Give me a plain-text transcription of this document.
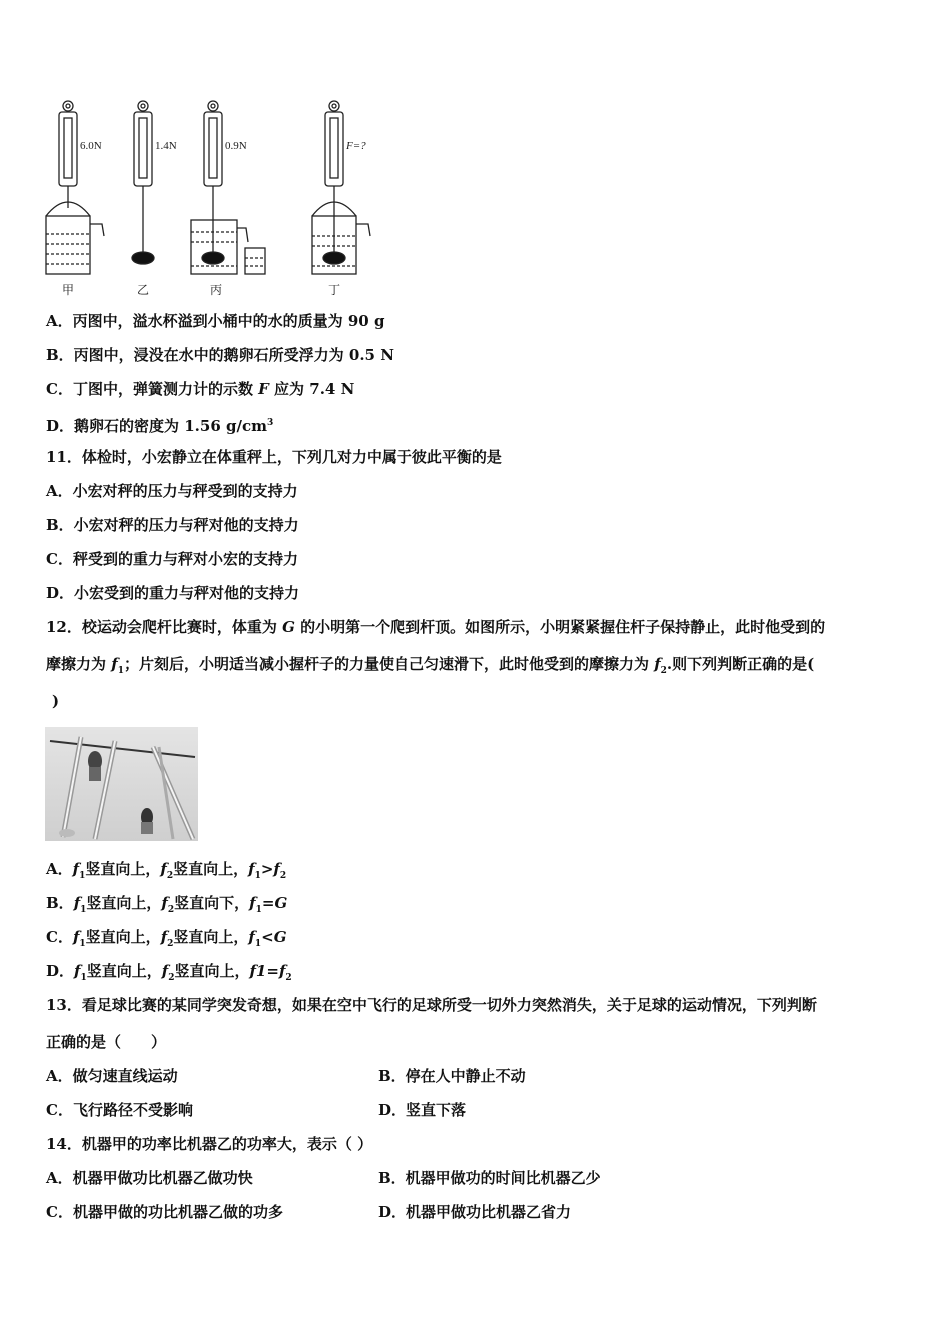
6.0N	1.4N	0.9N	F=?
甲	乙	丙	丁
A．丙图中，溢水杯溢到小桶中的水的质量为 90 g
B．丙图中，浸没在水中的鹅卵石所受浮力为 0.5 N
C．丁图中，弹簧测力计的示数 F 应为 7.4 N
D．鹅卵石的密度为 1.56 $g/cm^3$
11．体检时，小宏静立在体重秤上，下列几对力中属于彼此平衡的是
A．小宏对秤的压力与秤受到的支持力
B．小宏对秤的压力与秤对他的支持力
C．秤受到的重力与秤对小宏的支持力
D．小宏受到的重力与秤对他的支持力
12．校运动会爬杆比赛时，体重为 G 的小明第一个爬到杆顶。如图所示，小明紧紧握住杆子保持静止，此时他受到的
摩擦力为 $f_1$；片刻后，小明适当减小握杆子的力量使自己匀速滑下，此时他受到的摩擦力为 $f_2$.则下列判断正确的是(
)
A．$f_1$竖直向上，$f_2$竖直向上，$f_1>f_2$
B．$f_1$竖直向上，$f_2$竖直向下，$f_1=G$
C．$f_1$竖直向上，$f_2$竖直向上，$f_1<G$
D．$f_1$竖直向上，$f_2$竖直向上，$f1=f_2$
13．看足球比赛的某同学突发奇想，如果在空中飞行的足球所受一切外力突然消失，关于足球的运动情况，下列判断
正确的是（　　）
A．做匀速直线运动	B．停在人中静止不动
C．飞行路径不受影响	D．竖直下落
14．机器甲的功率比机器乙的功率大，表示（ ）
A．机器甲做功比机器乙做功快	B．机器甲做功的时间比机器乙少
C．机器甲做的功比机器乙做的功多	D．机器甲做功比机器乙省力
